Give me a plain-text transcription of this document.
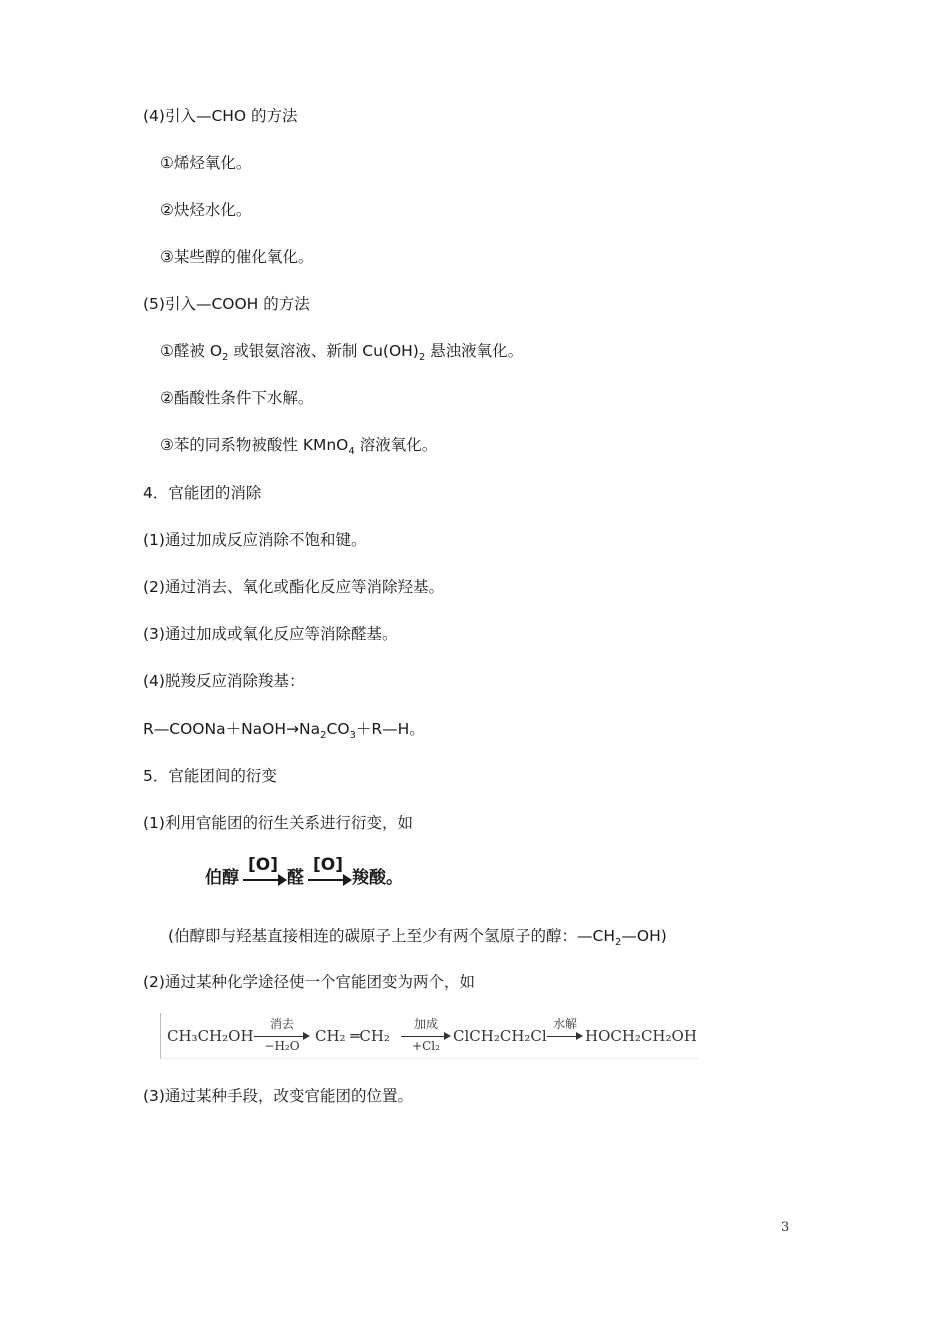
(4)引入—CHO 的方法
①烯烃氧化。
②炔烃水化。
③某些醇的催化氧化。
(5)引入—COOH 的方法
①醛被 $O_2$ 或银氨溶液、新制 $Cu(OH)_2$ 悬浊液氧化。
②酯酸性条件下水解。
③苯的同系物被酸性 KMnO$_4$ 溶液氧化。
4．官能团的消除
(1)通过加成反应消除不饱和键。
(2)通过消去、氧化或酯化反应等消除羟基。
(3)通过加成或氧化反应等消除醛基。
(4)脱羧反应消除羧基：
$R—COONa+NaOH\to Na_2CO_3+R—H$。
5．官能团间的衍变
(1)利用官能团的衍生关系进行衍变，如
伯醇
[O]
醛
[O]
羧酸。
(伯醇即与羟基直接相连的碳原子上至少有两个氢原子的醇：$—CH_2—OH$)
(2)通过某种化学途径使一个官能团变为两个，如
CH₃CH₂OH
消去
−H₂O
CH₂ ═CH₂
加成
+Cl₂
ClCH₂CH₂Cl
水解
HOCH₂CH₂OH
(3)通过某种手段，改变官能团的位置。
3
